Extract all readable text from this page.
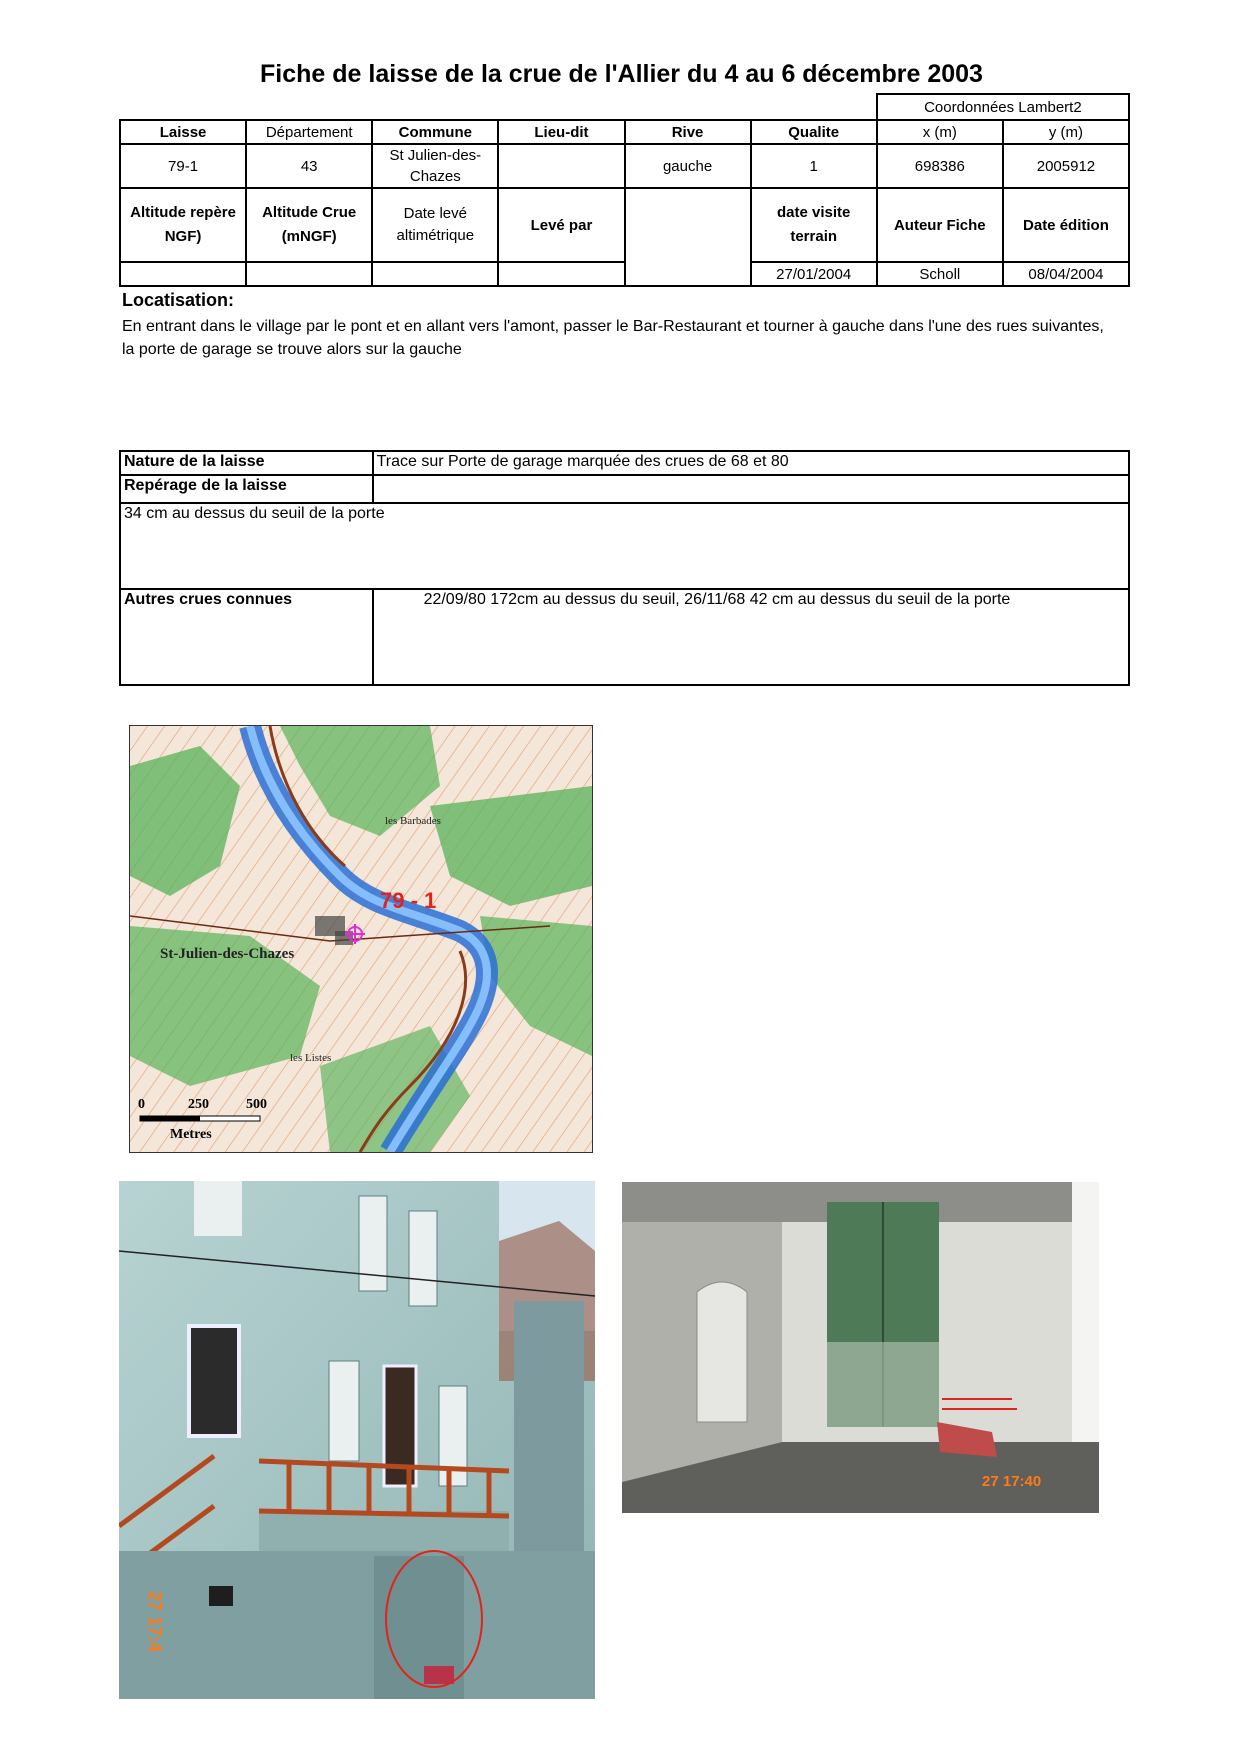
Fiche de laisse de la crue de l'Allier du 4 au 6 décembre 2003
						Coordonnées Lambert2	
Laisse	Département	Commune	Lieu-dit	Rive	Qualite	x (m)	y (m)
79-1	43	St Julien-des-Chazes		gauche	1	698386	2005912
Altitude repère NGF)	Altitude Crue (mNGF)	Date levé altimétrique	Levé par		date visite terrain	Auteur Fiche	Date édition
					27/01/2004	Scholl	08/04/2004
Locatisation:
En entrant dans le village par le pont et en allant vers l'amont, passer le Bar-Restaurant et tourner à gauche dans l'une des rues suivantes, la porte de garage se trouve alors sur la gauche
Nature de la laisse	Trace sur Porte de garage marquée des crues de 68 et 80
Repérage de la laisse	
34 cm au dessus du seuil de la porte	
Autres crues connues	22/09/80 172cm au dessus du seuil, 26/11/68 42 cm au dessus du seuil de la porte
79 - 1
St-Julien-des-Chazes
les Barbades
les Listes
0	250	500
Metres
27 17:4
27 17:40
